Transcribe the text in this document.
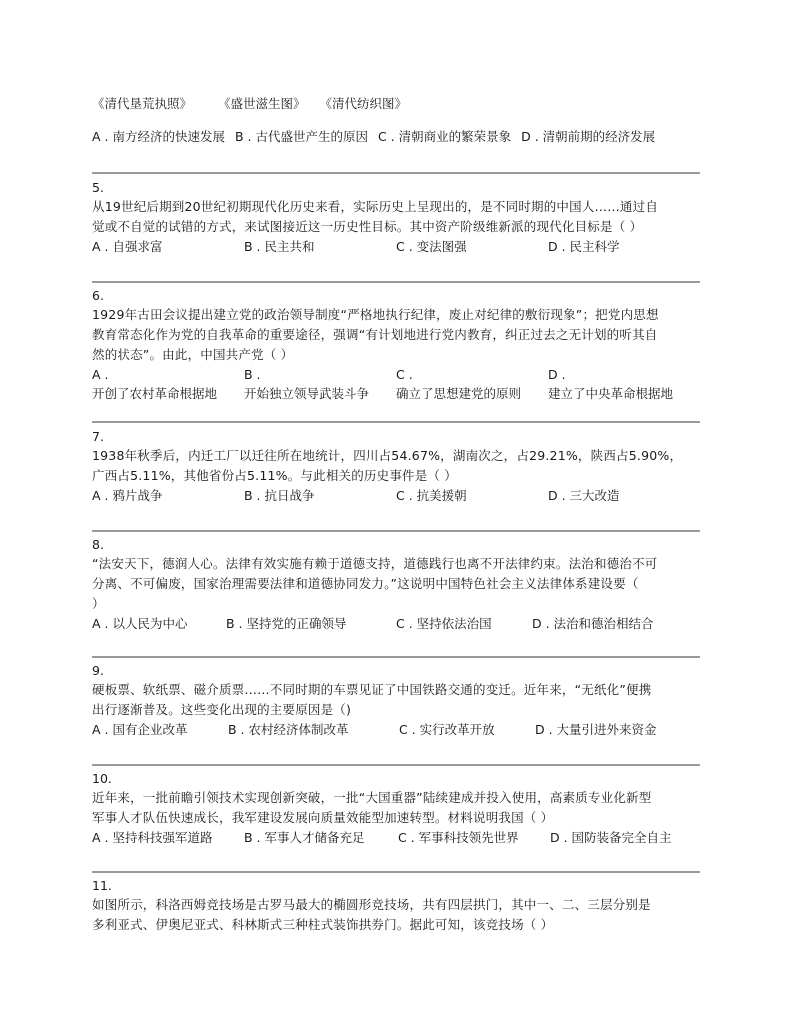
《清代垦荒执照》 《盛世滋生图》 《清代纺织图》
A . 南方经济的快速发展 B . 古代盛世产生的原因 C . 清朝商业的繁荣景象 D . 清朝前期的经济发展
5.
从19世纪后期到20世纪初期现代化历史来看，实际历史上呈现出的，是不同时期的中国人……通过自
觉或不自觉的试错的方式，来试图接近这一历史性目标。其中资产阶级维新派的现代化目标是（ ）
A . 自强求富	B . 民主共和	C . 变法图强	D . 民主科学
6.
1929年古田会议提出建立党的政治领导制度“严格地执行纪律，废止对纪律的敷衍现象”；把党内思想
教育常态化作为党的自我革命的重要途径，强调“有计划地进行党内教育，纠正过去之无计划的听其自
然的状态”。由此，中国共产党（ ）
A .
开创了农村革命根据地
B .
开始独立领导武装斗争
C .
确立了思想建党的原则
D .
建立了中央革命根据地
7.
1938年秋季后，内迁工厂以迁往所在地统计，四川占54.67%，湖南次之，占29.21%，陕西占5.90%，
广西占5.11%，其他省份占5.11%。与此相关的历史事件是（ ）
A . 鸦片战争	B . 抗日战争	C . 抗美援朝	D . 三大改造
8.
“法安天下，德润人心。法律有效实施有赖于道德支持，道德践行也离不开法律约束。法治和德治不可
分离、不可偏废，国家治理需要法律和道德协同发力。”这说明中国特色社会主义法律体系建设要（
）
A . 以人民为中心	B . 坚持党的正确领导	C . 坚持依法治国	D . 法治和德治相结合
9.
硬板票、软纸票、磁介质票……不同时期的车票见证了中国铁路交通的变迁。近年来，“无纸化”便携
出行逐渐普及。这些变化出现的主要原因是（)
A . 国有企业改革	B . 农村经济体制改革	C . 实行改革开放	D . 大量引进外来资金
10.
近年来，一批前瞻引领技术实现创新突破，一批“大国重器”陆续建成并投入使用，高素质专业化新型
军事人才队伍快速成长，我军建设发展向质量效能型加速转型。材料说明我国（ ）
A . 坚持科技强军道路	B . 军事人才储备充足	C . 军事科技领先世界	D . 国防装备完全自主
11.
如图所示，科洛西姆竞技场是古罗马最大的椭圆形竞技场，共有四层拱门，其中一、二、三层分别是
多利亚式、伊奥尼亚式、科林斯式三种柱式装饰拱券门。据此可知，该竞技场（ ）
